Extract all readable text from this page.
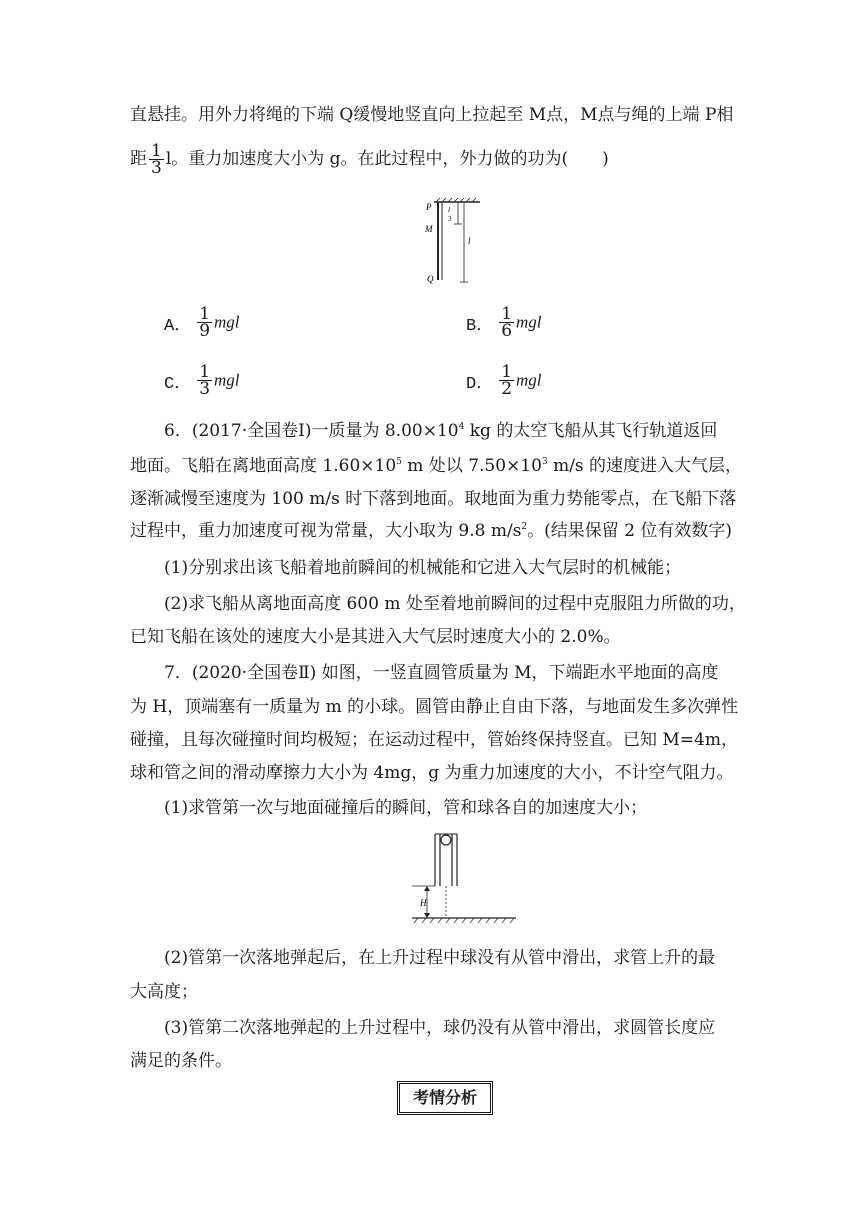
直悬挂。用外力将绳的下端 Q缓慢地竖直向上拉起至 M点，M点与绳的上端 P相
距 $\frac{1}{3}$ l。重力加速度大小为 g。在此过程中，外力做的功为(　　)
P
M
Q
l
l
3
A． $\frac{1}{9}$ mgl	B． $\frac{1}{6}$ mgl
C． $\frac{1}{3}$ mgl	D． $\frac{1}{2}$ mgl
6．(2017·全国卷Ⅰ)一质量为 $8.00\times 10^4$ kg 的太空飞船从其飞行轨道返回
地面。飞船在离地面高度 $1.60\times 10^5$ m 处以 $7.50\times 10^3$ m/s 的速度进入大气层，
逐渐减慢至速度为 100 m/s 时下落到地面。取地面为重力势能零点，在飞船下落
过程中，重力加速度可视为常量，大小取为 9.8 $m/s^2$。(结果保留 2 位有效数字)
(1)分别求出该飞船着地前瞬间的机械能和它进入大气层时的机械能；
(2)求飞船从离地面高度 600 m 处至着地前瞬间的过程中克服阻力所做的功，
已知飞船在该处的速度大小是其进入大气层时速度大小的 2.0%。
7．(2020·全国卷Ⅱ) 如图，一竖直圆管质量为 M，下端距水平地面的高度
为 H，顶端塞有一质量为 m 的小球。圆管由静止自由下落，与地面发生多次弹性
碰撞，且每次碰撞时间均极短；在运动过程中，管始终保持竖直。已知 M=4m，
球和管之间的滑动摩擦力大小为 4mg，g 为重力加速度的大小，不计空气阻力。
(1)求管第一次与地面碰撞后的瞬间，管和球各自的加速度大小；
H
(2)管第一次落地弹起后，在上升过程中球没有从管中滑出，求管上升的最
大高度；
(3)管第二次落地弹起的上升过程中，球仍没有从管中滑出，求圆管长度应
满足的条件。
考情分析
